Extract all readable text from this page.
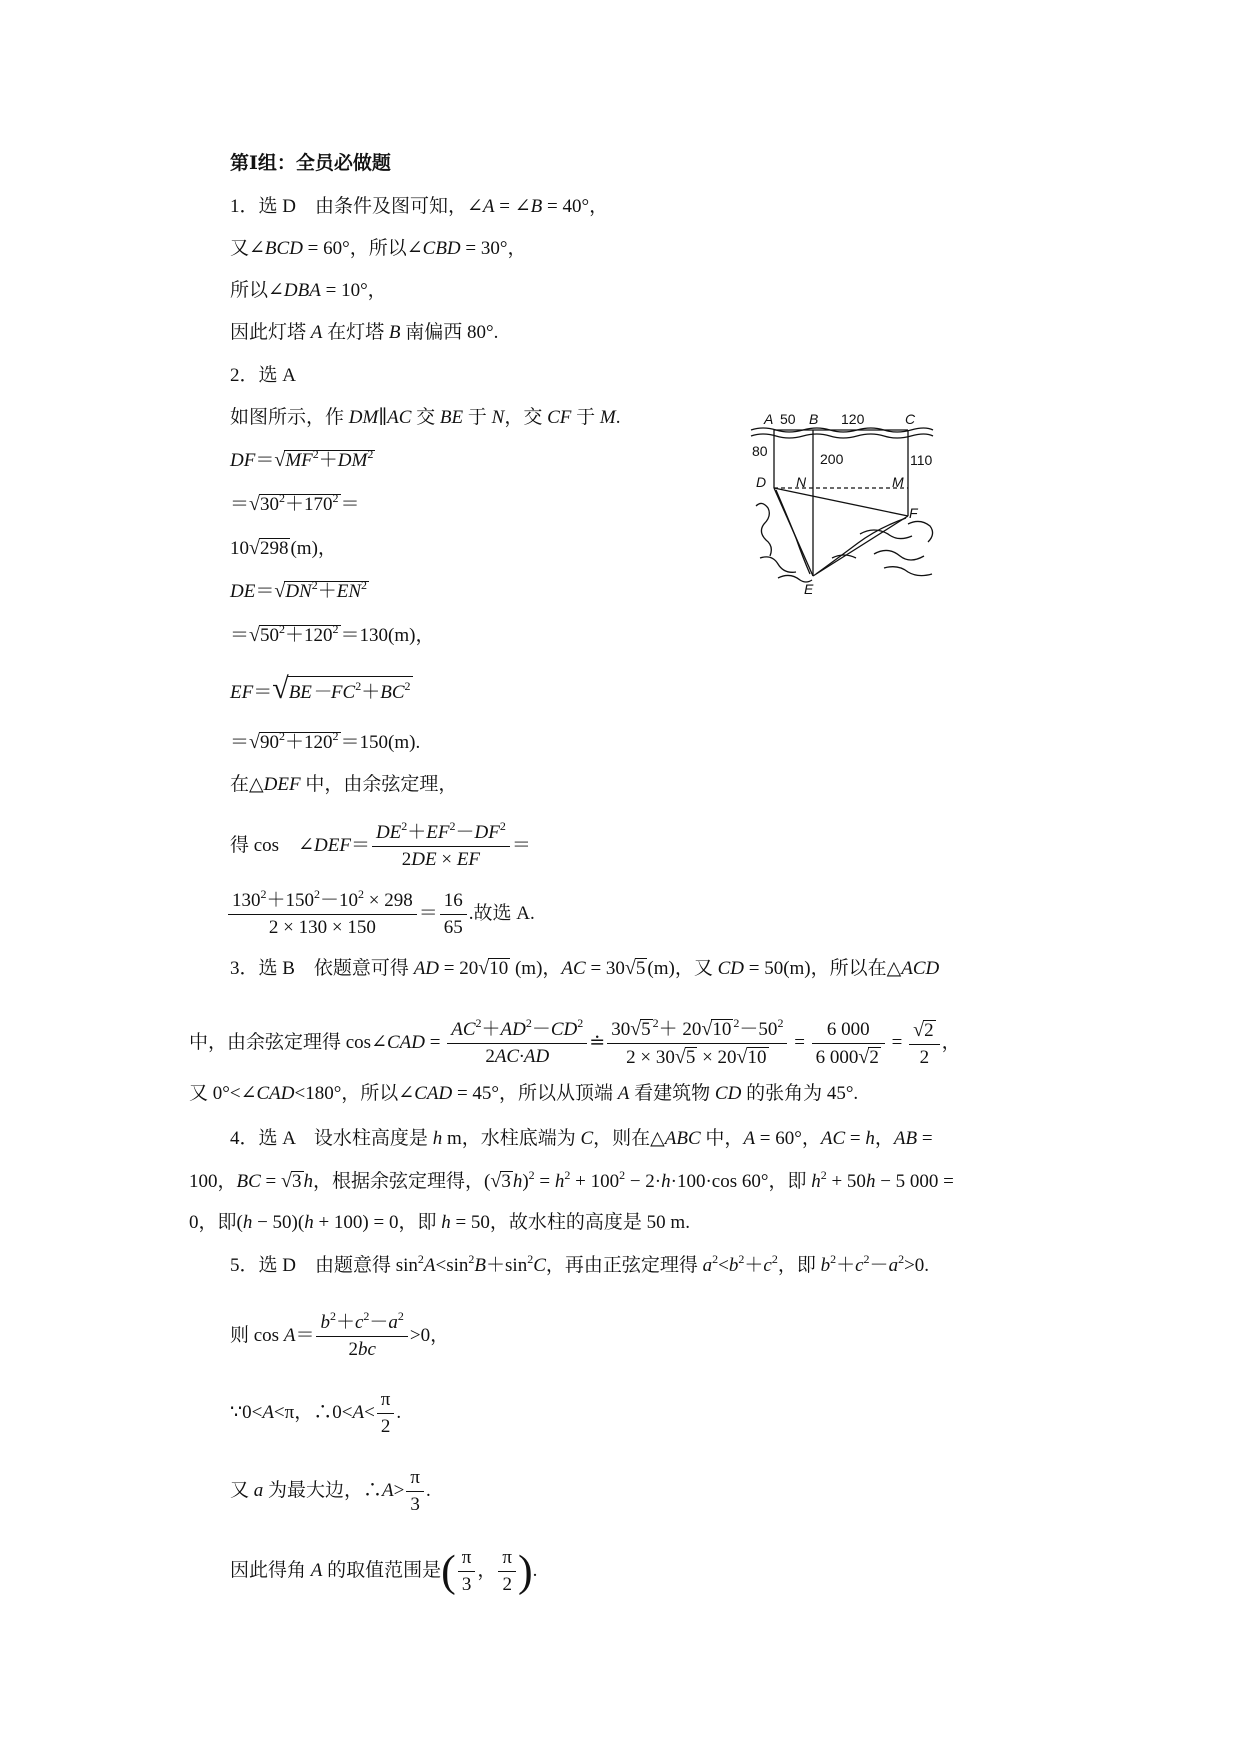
第Ⅰ组：全员必做题
1．选 D　由条件及图可知，∠A = ∠B = 40°，
又∠BCD = 60°，所以∠CBD = 30°，
所以∠DBA = 10°，
因此灯塔 A 在灯塔 B 南偏西 80°.
2．选 A
如图所示，作 DM∥AC 交 BE 于 N，交 CF 于 M.
$DF=√MF^2+DM^2$
$=√30^2+170^2$ ＝
10√298 (m)，
$DE=√DN^2+EN^2$
$=√50^2+120^2 =130(m)$，
$EF=√BE-FC^2+BC^2$
$=√90^2+120^2 =150(m)$.
在△DEF 中，由余弦定理，
得 cos　∠DEF＝ $\frac{DE^2+EF^2-DF^2}{2DE \times EF}$ ＝
$\frac{130^2+150^2-10^2 \times 298}{2 \times 130 \times 150} = \frac{16}{65}$ .故选 A.
A 50 B 120	C
80	200	110
D N	M
F
E
3．选 B　依题意可得 AD = 20√10 (m)，AC = 30√5 (m)，又 CD = 50(m)，所以在△ACD
中，由余弦定理得 cos∠CAD = $\frac{AC^2+AD^2-CD^2}{2AC\cdot AD}$ ≐ $\frac{30√5 ^2+ 20√10 ^2-50^2}{2 \times 30√5 \times 20√10} = \frac{6 000}{6 000√2} = \frac{√2}{2}$ ，
又 0°<∠CAD<180°，所以∠CAD = 45°，所以从顶端 A 看建筑物 CD 的张角为 45°.
4．选 A　设水柱高度是 h m，水柱底端为 C，则在△ABC 中，A = 60°，AC = h，AB =
100，BC = √3 h，根据余弦定理得，(√3 $h)^2 = h^2 + 100^2 - 2\cdot h\cdot 100\cdot\cos$ 60°，即 $h^2 + 50h - 5$ 000 =
0，即(h − 50)(h + 100) = 0，即 h = 50，故水柱的高度是 50 m.
5．选 D　由题意得 $\sin^2A<\sin^2B+\sin^2C$，再由正弦定理得 $a^2<b^2+c^2$，即 $b^2+c^2-a^2>0$.
则 $\cos A= \frac{b^2+c^2-a^2}{2bc} >0$，
∵0<A<π，∴0<A< $\frac{\pi}{2}$ .
又 a 为最大边，∴A> $\frac{\pi}{3}$ .
因此得角 A 的取值范围是( $\frac{\pi}{3}$ ， $\frac{\pi}{2}$ ).
